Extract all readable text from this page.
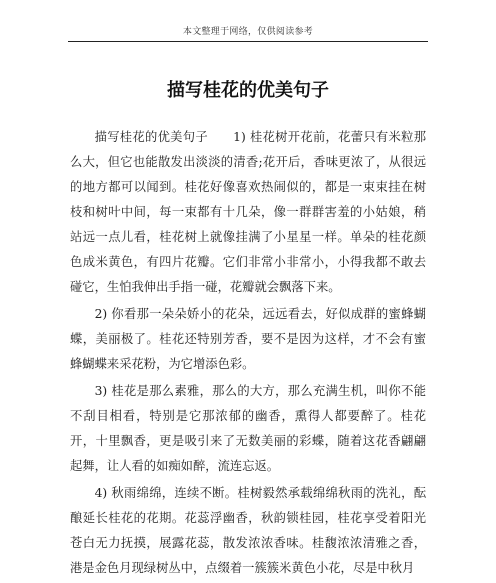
本文整理于网络，仅供阅读参考
描写桂花的优美句子

描写桂花的优美句子　　1) 桂花树开花前，花蕾只有米粒那么大，但它也能散发出淡淡的清香;花开后，香味更浓了，从很远的地方都可以闻到。桂花好像喜欢热闹似的，都是一束束挂在树枝和树叶中间，每一束都有十几朵，像一群群害羞的小姑娘，稍站远一点儿看，桂花树上就像挂满了小星星一样。单朵的桂花颜色成米黄色，有四片花瓣。它们非常小非常小，小得我都不敢去碰它，生怕我伸出手指一碰，花瓣就会飘落下来。

2) 你看那一朵朵娇小的花朵，远远看去，好似成群的蜜蜂蝴蝶，美丽极了。桂花还特别芳香，要不是因为这样，才不会有蜜蜂蝴蝶来采花粉，为它增添色彩。

3) 桂花是那么素雅，那么的大方，那么充满生机，叫你不能不刮目相看，特别是它那浓郁的幽香，熏得人都要醉了。桂花开，十里飘香，更是吸引来了无数美丽的彩蝶，随着这花香翩翩起舞，让人看的如痴如醉，流连忘返。

4) 秋雨绵绵，连续不断。桂树毅然承载绵绵秋雨的洗礼，酝酿延长桂花的花期。花蕊浮幽香，秋韵锁桂园，桂花享受着阳光苍白无力抚摸，展露花蕊，散发浓浓香味。桂馥浓浓清雅之香，港是金色月现绿树丛中，点缀着一簇簇米黄色小花，尽是中秋月
